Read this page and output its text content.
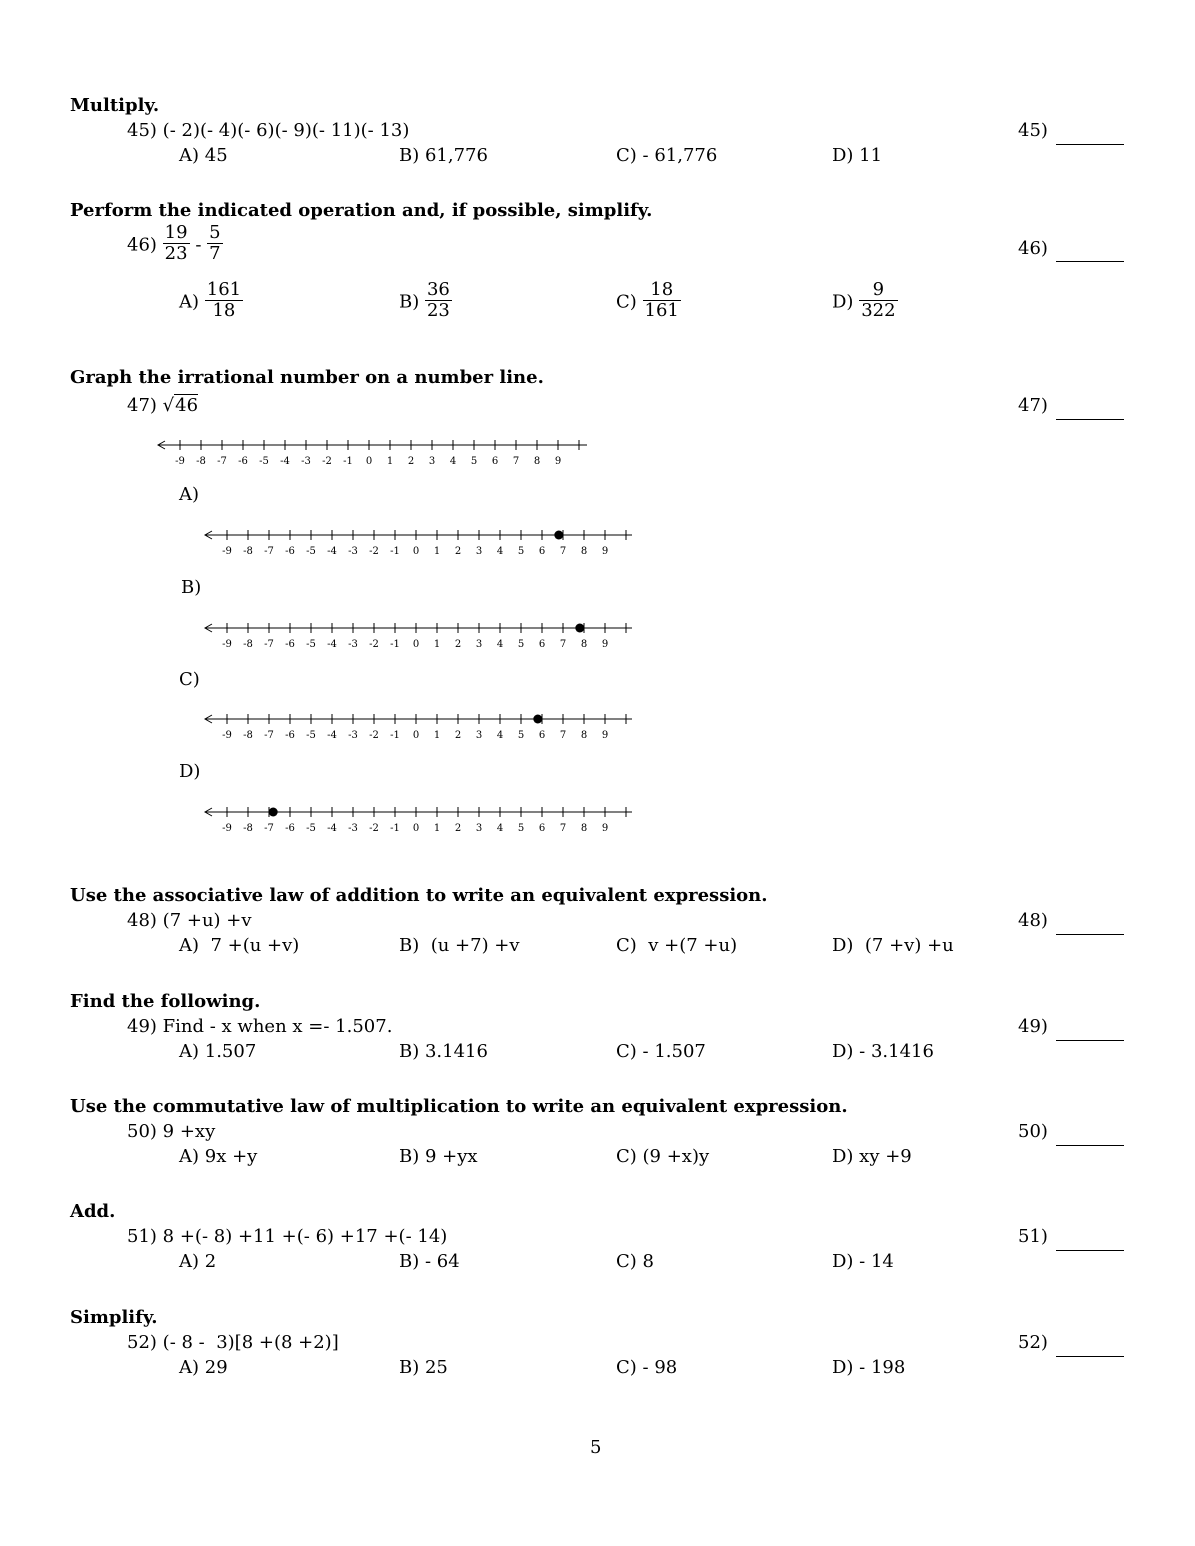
Multiply.
45) (- 2)(- 4)(- 6)(- 9)(- 11)(- 13)	45)
A) 45	B) 61,776	C) - 61,776	D) 11
Perform the indicated operation and, if possible, simplify.
$46) \frac{19}{23} - \frac{5}{7}$	46)
$A) \frac{161}{18}$	$B) \frac{36}{23}$	$C) \frac{18}{161}$	$D) \frac{9}{322}$
Graph the irrational number on a number line.
47) √46	47)
-9 -8 -7 -6 -5 -4 -3 -2 -1 0 1 2 3 4 5 6 7 8 9
A)
-9 -8 -7 -6 -5 -4 -3 -2 -1 0 1 2 3 4 5 6 7 8 9
B)
-9 -8 -7 -6 -5 -4 -3 -2 -1 0 1 2 3 4 5 6 7 8 9
C)
-9 -8 -7 -6 -5 -4 -3 -2 -1 0 1 2 3 4 5 6 7 8 9
D)
-9 -8 -7 -6 -5 -4 -3 -2 -1 0 1 2 3 4 5 6 7 8 9
Use the associative law of addition to write an equivalent expression.
48) (7 +u) +v	48)
A)  7 +(u +v)	B)  (u +7) +v	C)  v +(7 +u)	D)  (7 +v) +u
Find the following.
49) Find - x when x =- 1.507.	49)
A) 1.507	B) 3.1416	C) - 1.507	D) - 3.1416
Use the commutative law of multiplication to write an equivalent expression.
50) 9 +xy	50)
A) 9x +y	B) 9 +yx	C) (9 +x)y	D) xy +9
Add.
51) 8 +(- 8) +11 +(- 6) +17 +(- 14)	51)
A) 2	B) - 64	C) 8	D) - 14
Simplify.
52) (- 8 -  3)[8 +(8 +2)]	52)
A) 29	B) 25	C) - 98	D) - 198
5
